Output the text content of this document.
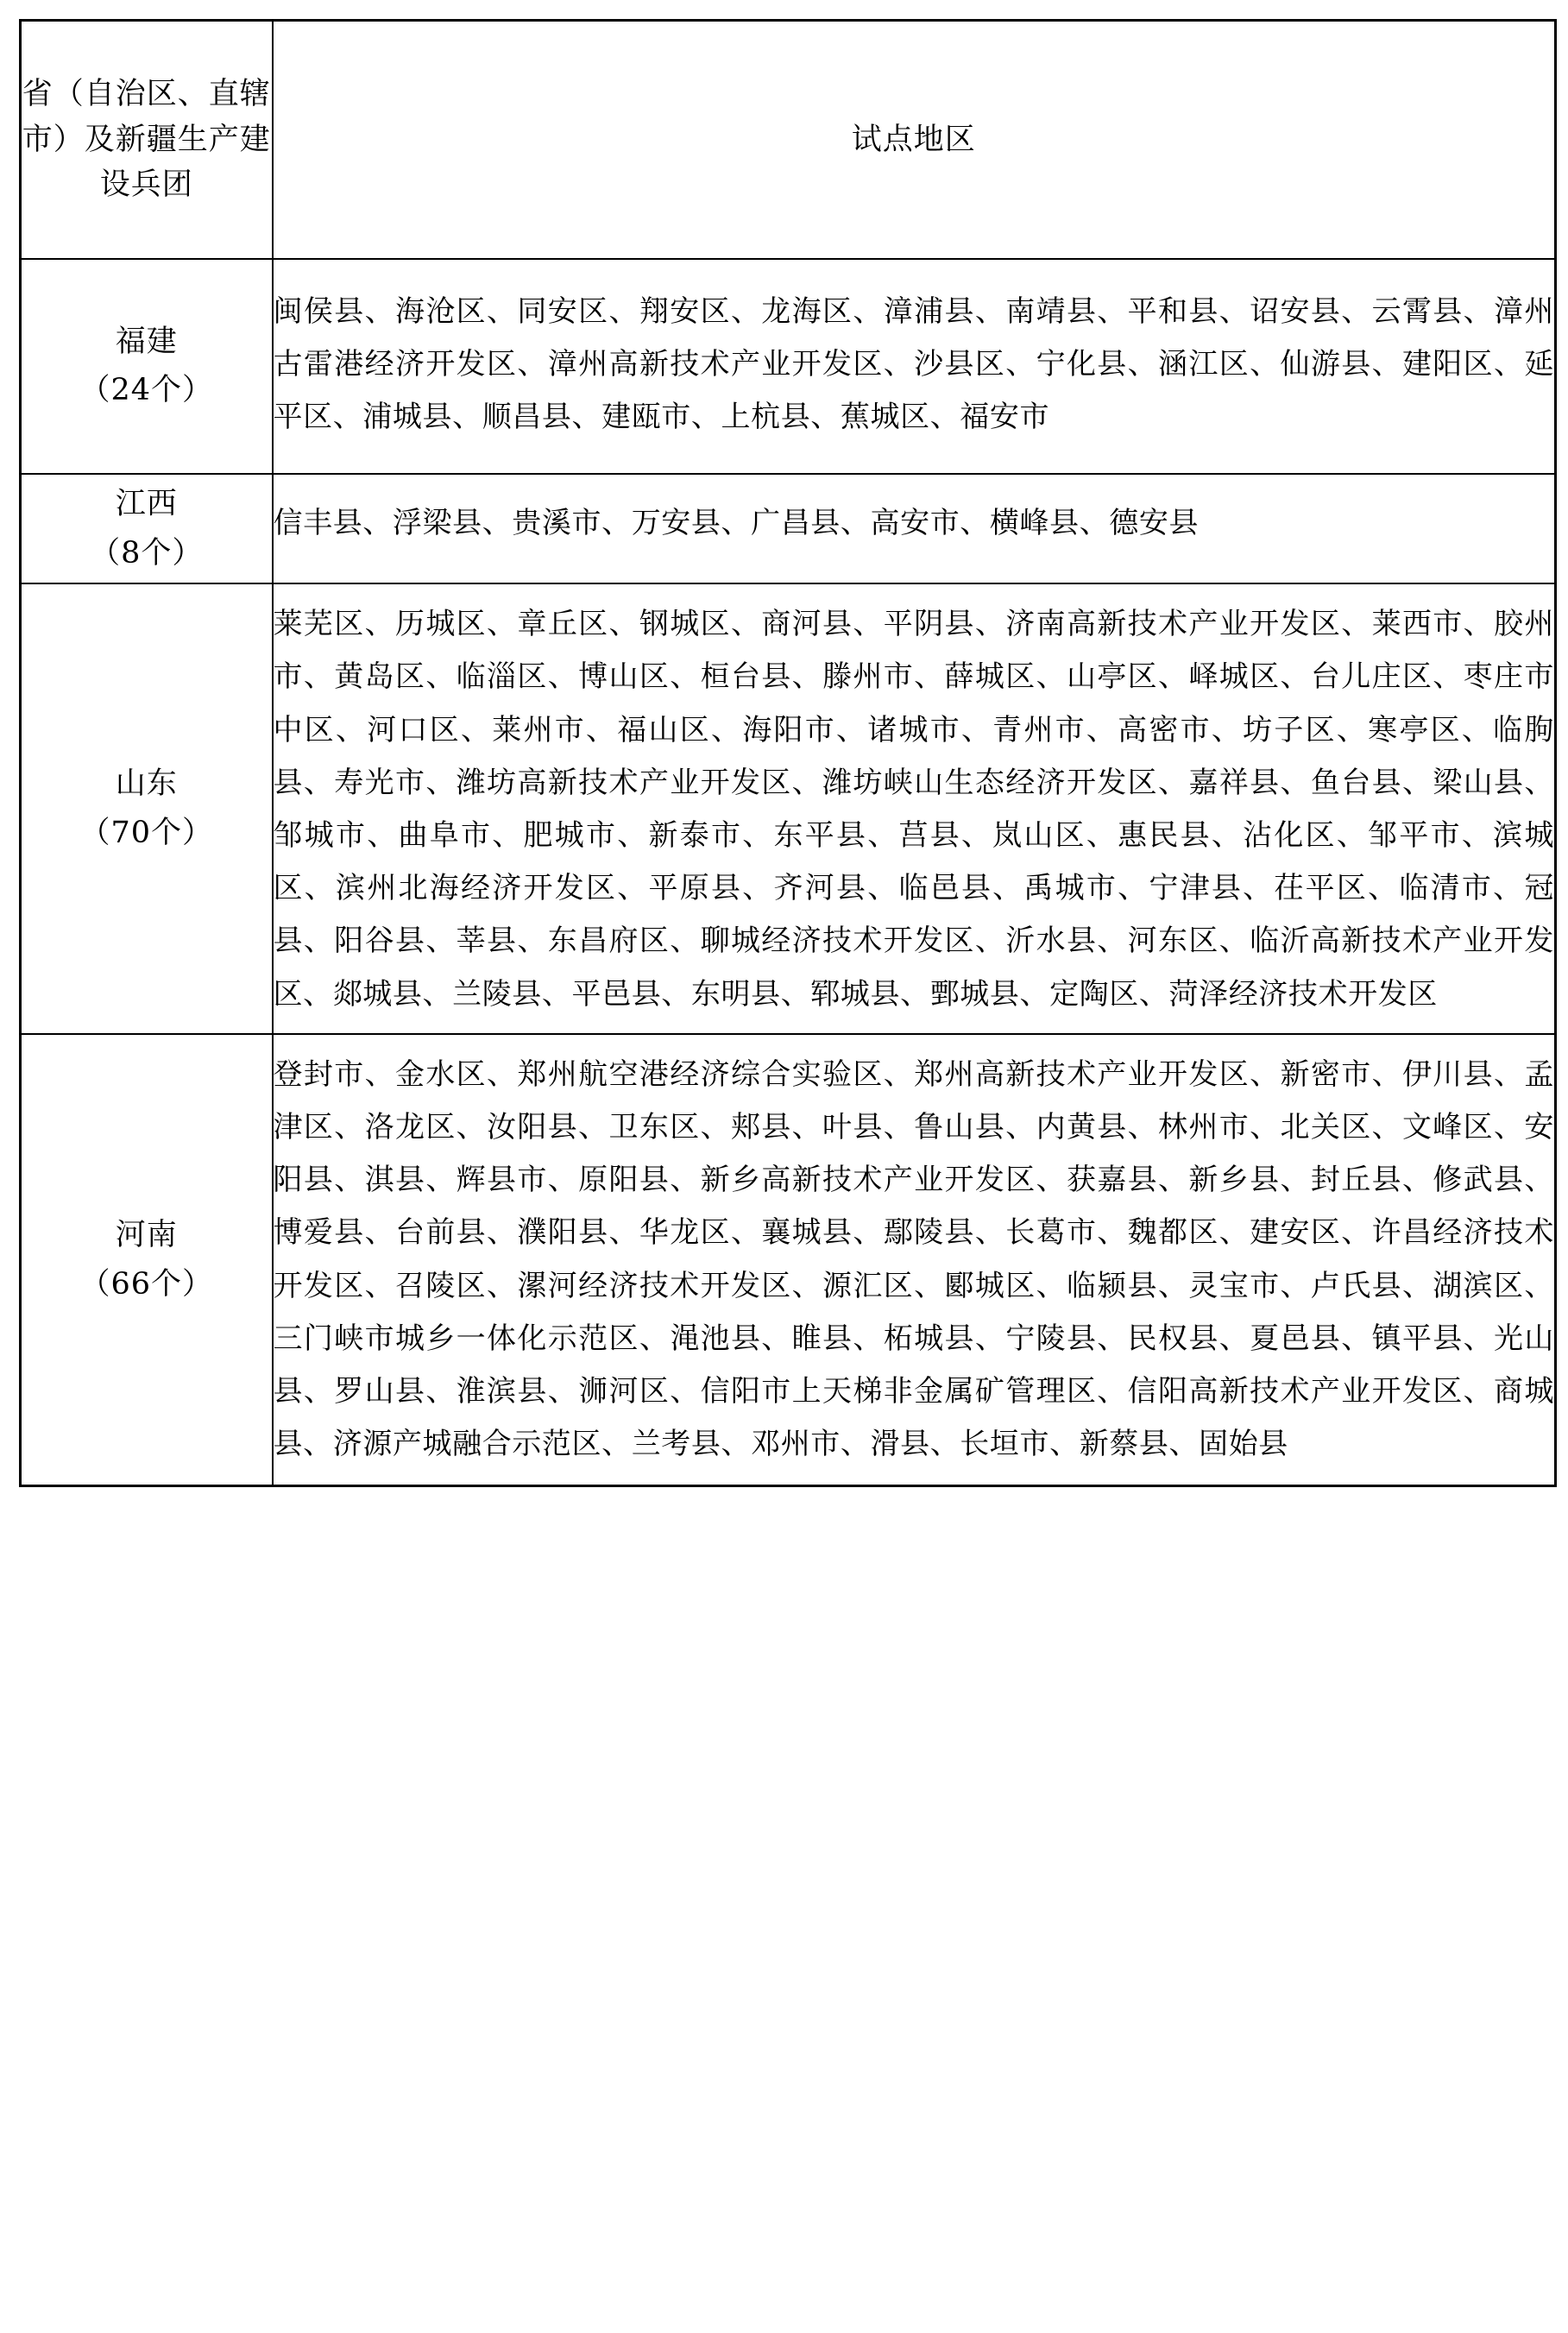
省（自治区、直辖市）及新疆生产建设兵团	试点地区

福建
（24个）	闽侯县、海沧区、同安区、翔安区、龙海区、漳浦县、南靖县、平和县、诏安县、云霄县、漳州古雷港经济开发区、漳州高新技术产业开发区、沙县区、宁化县、涵江区、仙游县、建阳区、延平区、浦城县、顺昌县、建瓯市、上杭县、蕉城区、福安市

江西
（8个）	信丰县、浮梁县、贵溪市、万安县、广昌县、高安市、横峰县、德安县

山东
（70个）	莱芜区、历城区、章丘区、钢城区、商河县、平阴县、济南高新技术产业开发区、莱西市、胶州市、黄岛区、临淄区、博山区、桓台县、滕州市、薛城区、山亭区、峄城区、台儿庄区、枣庄市中区、河口区、莱州市、福山区、海阳市、诸城市、青州市、高密市、坊子区、寒亭区、临朐县、寿光市、潍坊高新技术产业开发区、潍坊峡山生态经济开发区、嘉祥县、鱼台县、梁山县、邹城市、曲阜市、肥城市、新泰市、东平县、莒县、岚山区、惠民县、沾化区、邹平市、滨城区、滨州北海经济开发区、平原县、齐河县、临邑县、禹城市、宁津县、茌平区、临清市、冠县、阳谷县、莘县、东昌府区、聊城经济技术开发区、沂水县、河东区、临沂高新技术产业开发区、郯城县、兰陵县、平邑县、东明县、郓城县、鄄城县、定陶区、菏泽经济技术开发区

河南
（66个）	登封市、金水区、郑州航空港经济综合实验区、郑州高新技术产业开发区、新密市、伊川县、孟津区、洛龙区、汝阳县、卫东区、郏县、叶县、鲁山县、内黄县、林州市、北关区、文峰区、安阳县、淇县、辉县市、原阳县、新乡高新技术产业开发区、获嘉县、新乡县、封丘县、修武县、博爱县、台前县、濮阳县、华龙区、襄城县、鄢陵县、长葛市、魏都区、建安区、许昌经济技术开发区、召陵区、漯河经济技术开发区、源汇区、郾城区、临颍县、灵宝市、卢氏县、湖滨区、三门峡市城乡一体化示范区、渑池县、睢县、柘城县、宁陵县、民权县、夏邑县、镇平县、光山县、罗山县、淮滨县、浉河区、信阳市上天梯非金属矿管理区、信阳高新技术产业开发区、商城县、济源产城融合示范区、兰考县、邓州市、滑县、长垣市、新蔡县、固始县
